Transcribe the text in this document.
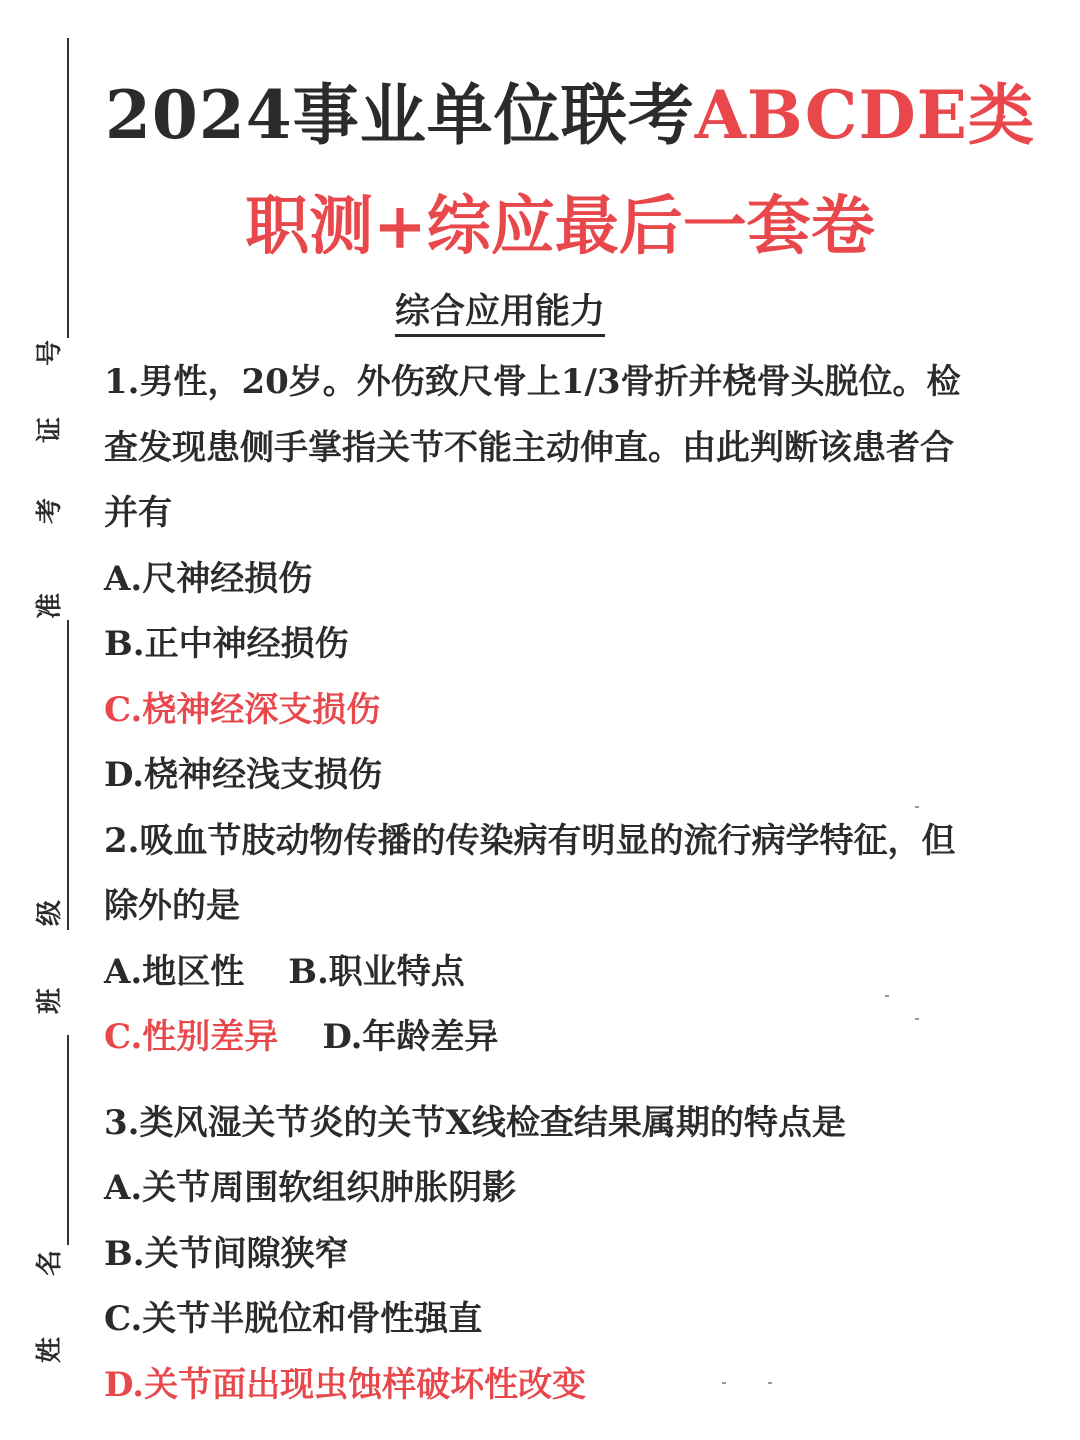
号
证
考
准
级
班
名
姓
2024事业单位联考ABCDE类
职测+综应最后一套卷
综合应用能力
1.男性，20岁。外伤致尺骨上1/3骨折并桡骨头脱位。检
查发现患侧手掌指关节不能主动伸直。由此判断该患者合
并有
A.尺神经损伤
B.正中神经损伤
C.桡神经深支损伤
D.桡神经浅支损伤
2.吸血节肢动物传播的传染病有明显的流行病学特征，但
除外的是
A.地区性 B.职业特点
C.性别差异 D.年龄差异
3.类风湿关节炎的关节X线检查结果属期的特点是
A.关节周围软组织肿胀阴影
B.关节间隙狭窄
C.关节半脱位和骨性强直
D.关节面出现虫蚀样破坏性改变
